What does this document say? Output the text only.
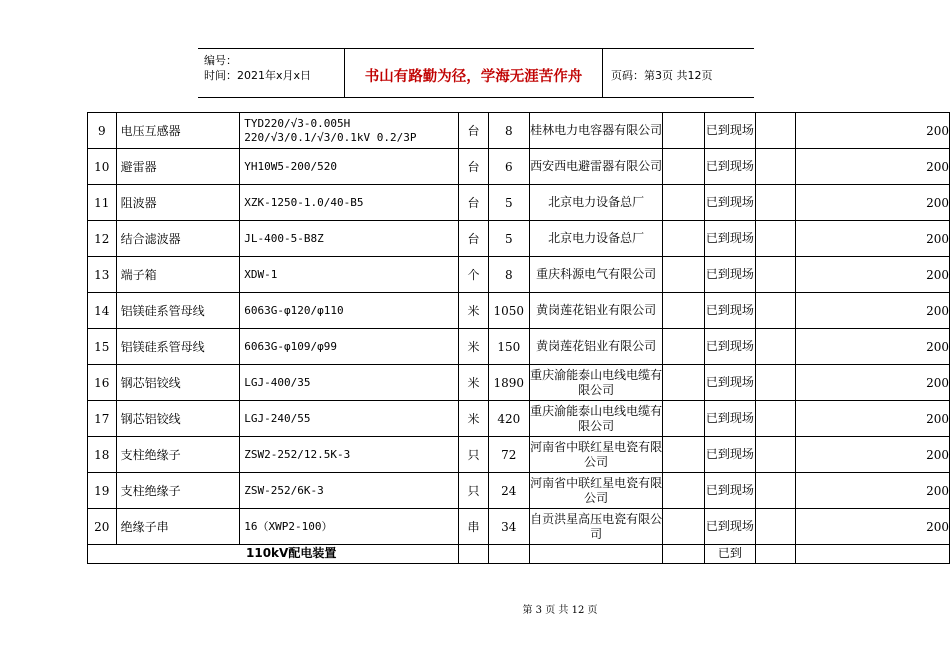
编号：
时间：2021年x月x日	书山有路勤为径，学海无涯苦作舟	页码：第3页 共12页
9	电压互感器	TYD220/√3-0.005H
220/√3/0.1/√3/0.1kV 0.2/3P	台	8	桂林电力电容器有限公司		已到现场		200
10	避雷器	YH10W5-200/520	台	6	西安西电避雷器有限公司		已到现场		200
11	阻波器	XZK-1250-1.0/40-B5	台	5	北京电力设备总厂		已到现场		200
12	结合滤波器	JL-400-5-B8Z	台	5	北京电力设备总厂		已到现场		200
13	端子箱	XDW-1	个	8	重庆科源电气有限公司		已到现场		200
14	铝镁硅系管母线	6063G-φ120/φ110	米	1050	黄岗莲花铝业有限公司		已到现场		200
15	铝镁硅系管母线	6063G-φ109/φ99	米	150	黄岗莲花铝业有限公司		已到现场		200
16	钢芯铝铰线	LGJ-400/35	米	1890	重庆渝能泰山电线电缆有限公司		已到现场		200
17	钢芯铝铰线	LGJ-240/55	米	420	重庆渝能泰山电线电缆有限公司		已到现场		200
18	支柱绝缘子	ZSW2-252/12.5K-3	只	72	河南省中联红星电瓷有限公司		已到现场		200
19	支柱绝缘子	ZSW-252/6K-3	只	24	河南省中联红星电瓷有限公司		已到现场		200
20	绝缘子串	16（XWP2-100）	串	34	自贡洪星高压电瓷有限公司		已到现场		200
110kV配电装置							已到		
第 3 页 共 12 页
